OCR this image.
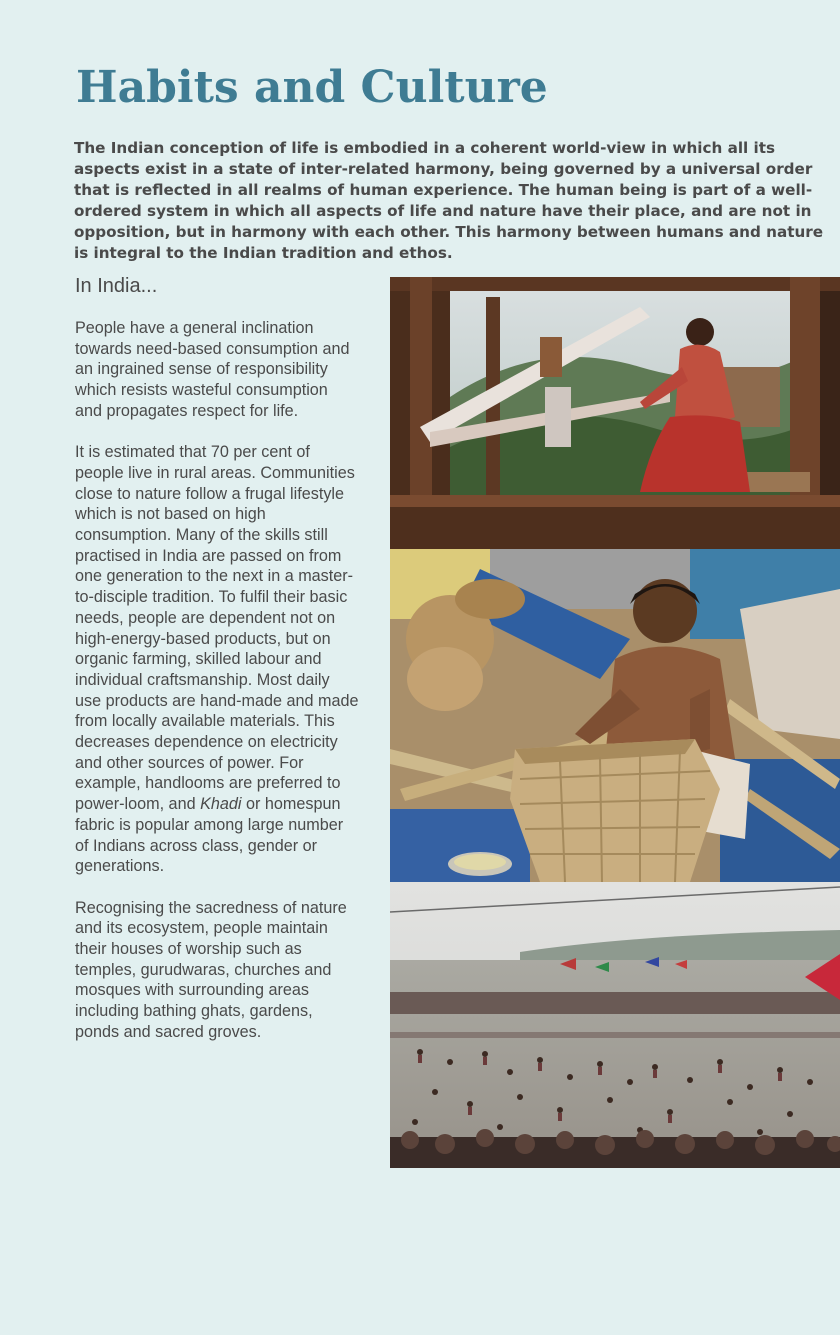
Habits and Culture

The Indian conception of life is embodied in a coherent world-view in which all its aspects exist in a state of inter-related harmony, being governed by a universal order that is reflected in all realms of human experience. The human being is part of a well-ordered system in which all aspects of life and nature have their place, and are not in opposition, but in harmony with each other. This harmony between humans and nature is integral to the Indian tradition and ethos.

In India...

People have a general inclination towards need-based consumption and an ingrained sense of responsibility which resists wasteful consumption and propagates respect for life.

It is estimated that 70 per cent of people live in rural areas. Communities close to nature follow a frugal lifestyle which is not based on high consumption. Many of the skills still practised in India are passed on from one generation to the next in a master-to-disciple tradition. To fulfil their basic needs, people are dependent not on high-energy-based products, but on organic farming, skilled labour and individual craftsmanship. Most daily use products are hand-made and made from locally available materials. This decreases dependence on electricity and other sources of power. For example, handlooms are preferred to power-loom, and Khadi or homespun fabric is popular among large number of Indians across class, gender or generations.

Recognising the sacredness of nature and its ecosystem, people maintain their houses of worship such as temples, gurudwaras, churches and mosques with surrounding areas including bathing ghats, gardens, ponds and sacred groves.
